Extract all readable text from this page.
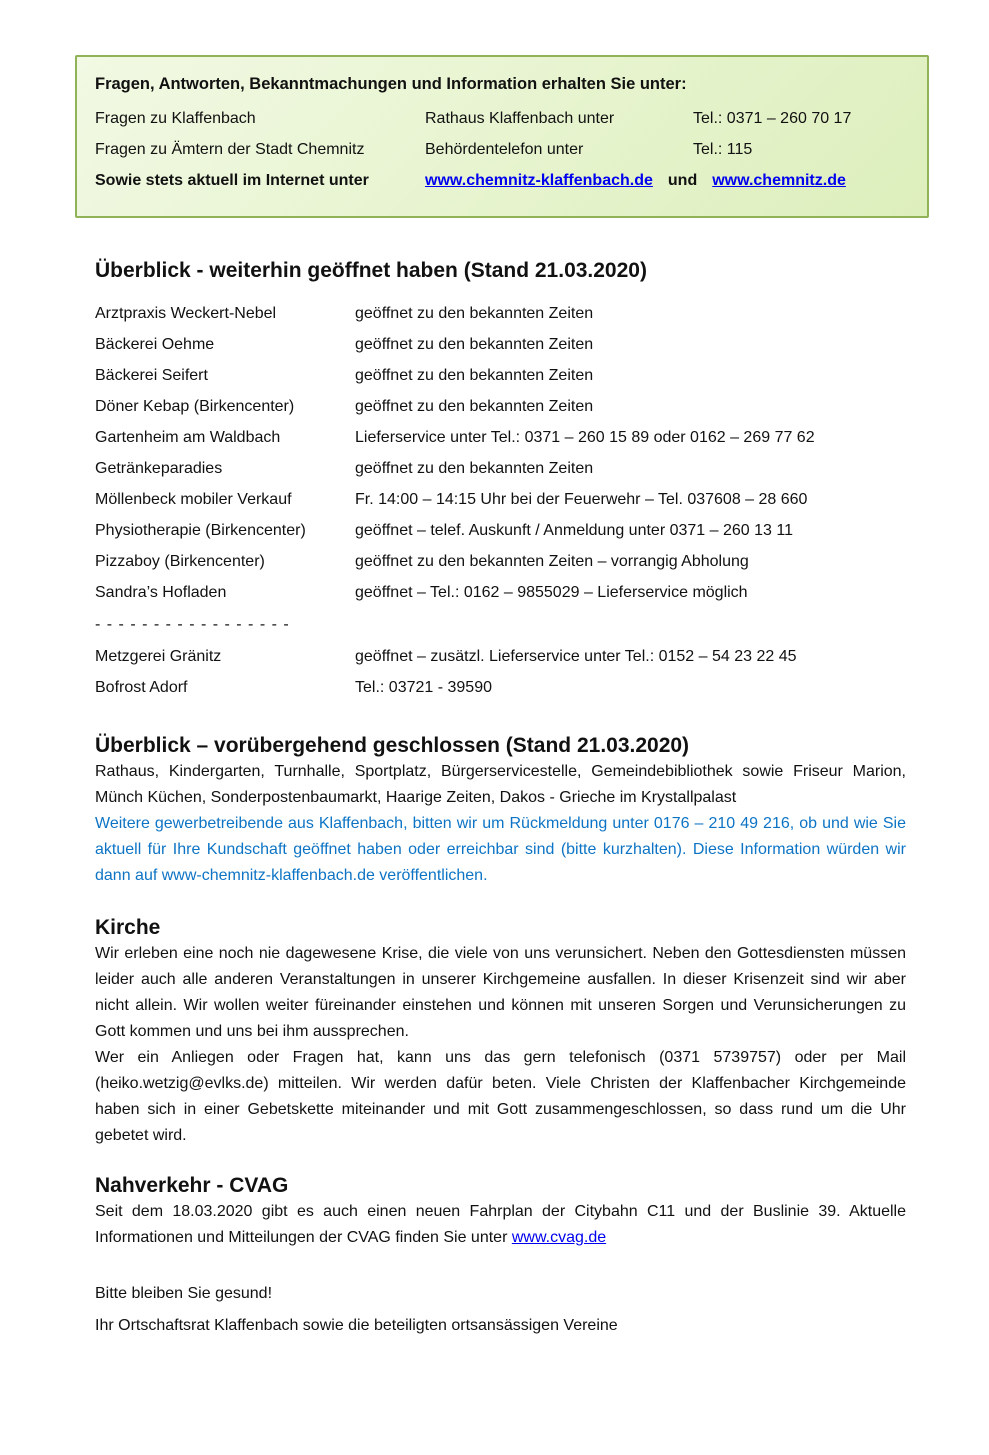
Fragen, Antworten, Bekanntmachungen und Information erhalten Sie unter:

Fragen zu Klaffenbach	Rathaus Klaffenbach unter	Tel.: 0371 – 260 70 17
Fragen zu Ämtern der Stadt Chemnitz	Behördentelefon unter	Tel.: 115
Sowie stets aktuell im Internet unter	www.chemnitz-klaffenbach.de und www.chemnitz.de
Überblick - weiterhin geöffnet haben (Stand 21.03.2020)
Arztpraxis Weckert-Nebel	geöffnet zu den bekannten Zeiten
Bäckerei Oehme	geöffnet zu den bekannten Zeiten
Bäckerei Seifert	geöffnet zu den bekannten Zeiten
Döner Kebap (Birkencenter)	geöffnet zu den bekannten Zeiten
Gartenheim am Waldbach	Lieferservice unter Tel.: 0371 – 260 15 89 oder 0162 – 269 77 62
Getränkeparadies	geöffnet zu den bekannten Zeiten
Möllenbeck mobiler Verkauf	Fr. 14:00 – 14:15 Uhr bei der Feuerwehr – Tel. 037608 – 28 660
Physiotherapie (Birkencenter)	geöffnet – telef. Auskunft / Anmeldung unter 0371 – 260 13 11
Pizzaboy (Birkencenter)	geöffnet zu den bekannten Zeiten – vorrangig Abholung
Sandra’s Hofladen	geöffnet – Tel.: 0162 – 9855029 – Lieferservice möglich
- - - - - - - - - - - - - - - - -
Metzgerei Gränitz	geöffnet – zusätzl. Lieferservice unter Tel.: 0152 – 54 23 22 45
Bofrost Adorf	Tel.: 03721 - 39590
Überblick – vorübergehend geschlossen (Stand 21.03.2020)

Rathaus, Kindergarten, Turnhalle, Sportplatz, Bürgerservicestelle, Gemeindebibliothek sowie Friseur Marion, Münch Küchen, Sonderpostenbaumarkt, Haarige Zeiten, Dakos - Grieche im Krystallpalast

Weitere gewerbetreibende aus Klaffenbach, bitten wir um Rückmeldung unter 0176 – 210 49 216, ob und wie Sie aktuell für Ihre Kundschaft geöffnet haben oder erreichbar sind (bitte kurzhalten). Diese Information würden wir dann auf www-chemnitz-klaffenbach.de veröffentlichen.

Kirche

Wir erleben eine noch nie dagewesene Krise, die viele von uns verunsichert. Neben den Gottesdiensten müssen leider auch alle anderen Veranstaltungen in unserer Kirchgemeine ausfallen. In dieser Krisenzeit sind wir aber nicht allein. Wir wollen weiter füreinander einstehen und können mit unseren Sorgen und Verunsicherungen zu Gott kommen und uns bei ihm aussprechen.

Wer ein Anliegen oder Fragen hat, kann uns das gern telefonisch (0371 5739757) oder per Mail (heiko.wetzig@evlks.de) mitteilen. Wir werden dafür beten. Viele Christen der Klaffenbacher Kirchgemeinde haben sich in einer Gebetskette miteinander und mit Gott zusammengeschlossen, so dass rund um die Uhr gebetet wird.

Nahverkehr - CVAG

Seit dem 18.03.2020 gibt es auch einen neuen Fahrplan der Citybahn C11 und der Buslinie 39. Aktuelle Informationen und Mitteilungen der CVAG finden Sie unter www.cvag.de

Bitte bleiben Sie gesund!

Ihr Ortschaftsrat Klaffenbach sowie die beteiligten ortsansässigen Vereine
